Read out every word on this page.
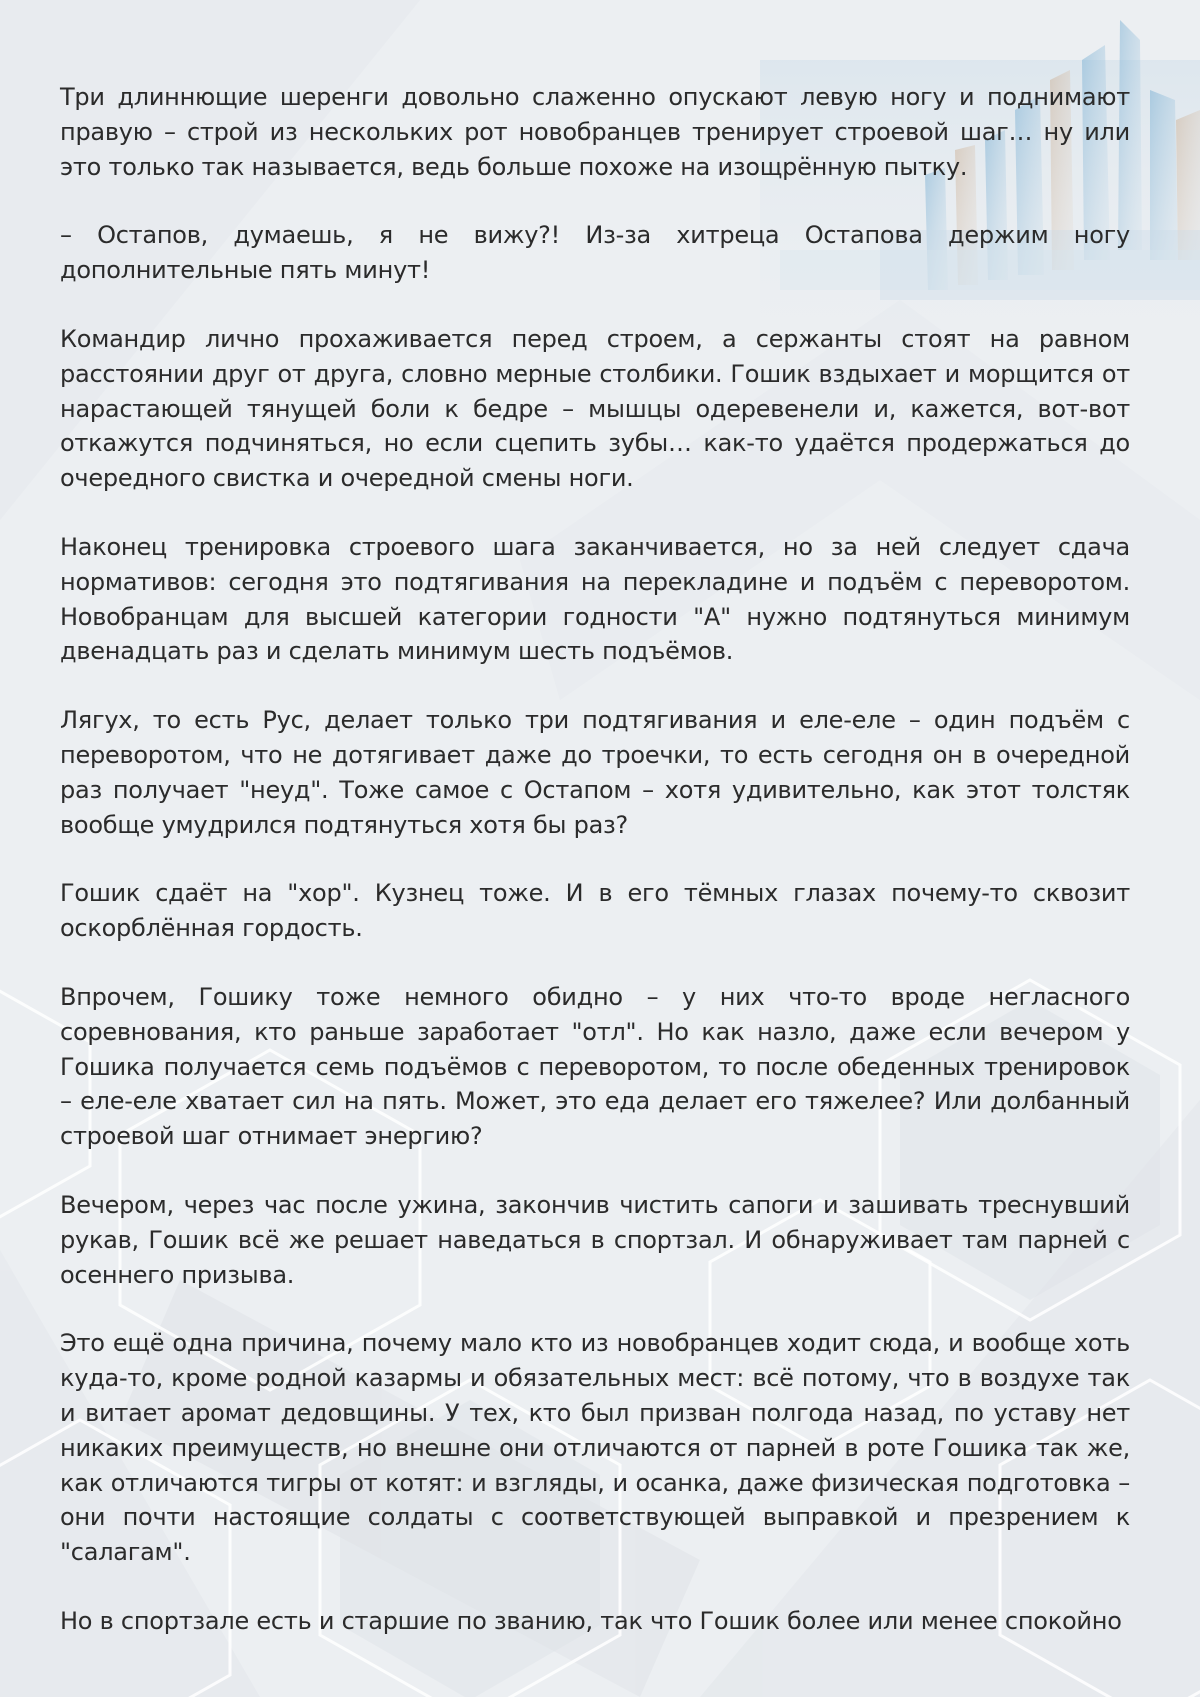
Три длиннющие шеренги довольно слаженно опускают левую ногу и поднимают правую – строй из нескольких рот новобранцев тренирует строевой шаг… ну или это только так называется, ведь больше похоже на изощрённую пытку.

– Остапов, думаешь, я не вижу?! Из-за хитреца Остапова держим ногу дополнительные пять минут!

Командир лично прохаживается перед строем, а сержанты стоят на равном расстоянии друг от друга, словно мерные столбики. Гошик вздыхает и морщится от нарастающей тянущей боли к бедре – мышцы одеревенели и, кажется, вот-вот откажутся подчиняться, но если сцепить зубы… как-то удаётся продержаться до очередного свистка и очередной смены ноги.

Наконец тренировка строевого шага заканчивается, но за ней следует сдача нормативов: сегодня это подтягивания на перекладине и подъём с переворотом. Новобранцам для высшей категории годности "А" нужно подтянуться минимум двенадцать раз и сделать минимум шесть подъёмов.

Лягух, то есть Рус, делает только три подтягивания и еле-еле – один подъём с переворотом, что не дотягивает даже до троечки, то есть сегодня он в очередной раз получает "неуд". Тоже самое с Остапом – хотя удивительно, как этот толстяк вообще умудрился подтянуться хотя бы раз?

Гошик сдаёт на "хор". Кузнец тоже. И в его тёмных глазах почему-то сквозит оскорблённая гордость.

Впрочем, Гошику тоже немного обидно – у них что-то вроде негласного соревнования, кто раньше заработает "отл". Но как назло, даже если вечером у Гошика получается семь подъёмов с переворотом, то после обеденных тренировок – еле-еле хватает сил на пять. Может, это еда делает его тяжелее? Или долбанный строевой шаг отнимает энергию?

Вечером, через час после ужина, закончив чистить сапоги и зашивать треснувший рукав, Гошик всё же решает наведаться в спортзал. И обнаруживает там парней с осеннего призыва.

Это ещё одна причина, почему мало кто из новобранцев ходит сюда, и вообще хоть куда-то, кроме родной казармы и обязательных мест: всё потому, что в воздухе так и витает аромат дедовщины. У тех, кто был призван полгода назад, по уставу нет никаких преимуществ, но внешне они отличаются от парней в роте Гошика так же, как отличаются тигры от котят: и взгляды, и осанка, даже физическая подготовка – они почти настоящие солдаты с соответствующей выправкой и презрением к "салагам".

Но в спортзале есть и старшие по званию, так что Гошик более или менее спокойно
